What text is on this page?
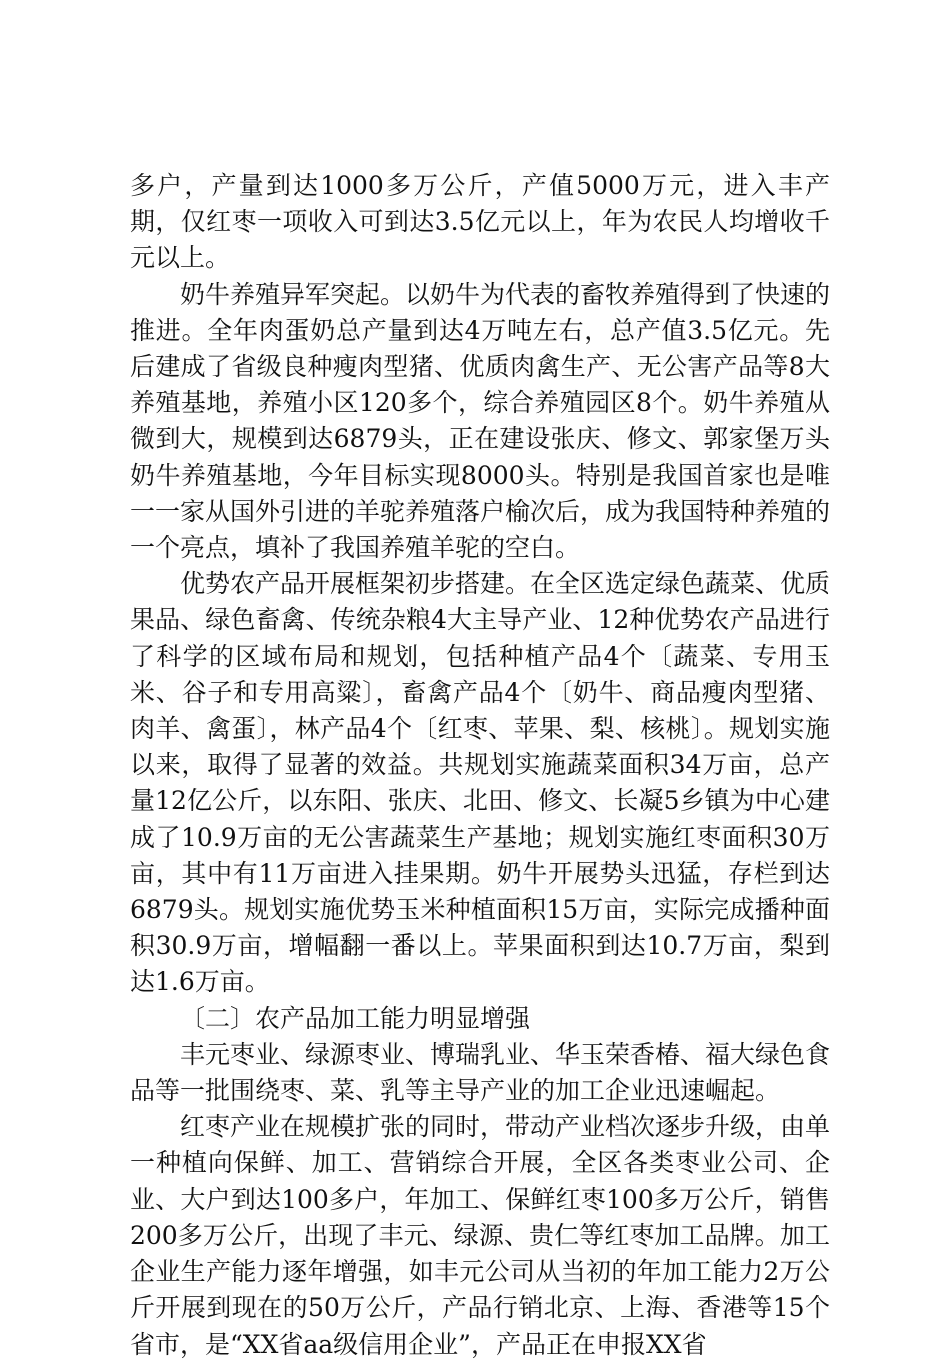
多户，产量到达1000多万公斤，产值5000万元，进入丰产期，仅红枣一项收入可到达3.5亿元以上，年为农民人均增收千元以上。

奶牛养殖异军突起。以奶牛为代表的畜牧养殖得到了快速的推进。全年肉蛋奶总产量到达4万吨左右，总产值3.5亿元。先后建成了省级良种瘦肉型猪、优质肉禽生产、无公害产品等8大养殖基地，养殖小区120多个，综合养殖园区8个。奶牛养殖从微到大，规模到达6879头，正在建设张庆、修文、郭家堡万头奶牛养殖基地，今年目标实现8000头。特别是我国首家也是唯一一家从国外引进的羊驼养殖落户榆次后，成为我国特种养殖的一个亮点，填补了我国养殖羊驼的空白。

优势农产品开展框架初步搭建。在全区选定绿色蔬菜、优质果品、绿色畜禽、传统杂粮4大主导产业、12种优势农产品进行了科学的区域布局和规划，包括种植产品4个〔蔬菜、专用玉米、谷子和专用高粱〕，畜禽产品4个〔奶牛、商品瘦肉型猪、肉羊、禽蛋〕，林产品4个〔红枣、苹果、梨、核桃〕。规划实施以来，取得了显著的效益。共规划实施蔬菜面积34万亩，总产量12亿公斤，以东阳、张庆、北田、修文、长凝5乡镇为中心建成了10.9万亩的无公害蔬菜生产基地；规划实施红枣面积30万亩，其中有11万亩进入挂果期。奶牛开展势头迅猛，存栏到达6879头。规划实施优势玉米种植面积15万亩，实际完成播种面积30.9万亩，增幅翻一番以上。苹果面积到达10.7万亩，梨到达1.6万亩。

〔二〕农产品加工能力明显增强

丰元枣业、绿源枣业、博瑞乳业、华玉荣香椿、福大绿色食品等一批围绕枣、菜、乳等主导产业的加工企业迅速崛起。

红枣产业在规模扩张的同时，带动产业档次逐步升级，由单一种植向保鲜、加工、营销综合开展，全区各类枣业公司、企业、大户到达100多户，年加工、保鲜红枣100多万公斤，销售200多万公斤，出现了丰元、绿源、贵仁等红枣加工品牌。加工企业生产能力逐年增强，如丰元公司从当初的年加工能力2万公斤开展到现在的50万公斤，产品行销北京、上海、香港等15个省市，是“XX省aa级信用企业”，产品正在申报XX省
